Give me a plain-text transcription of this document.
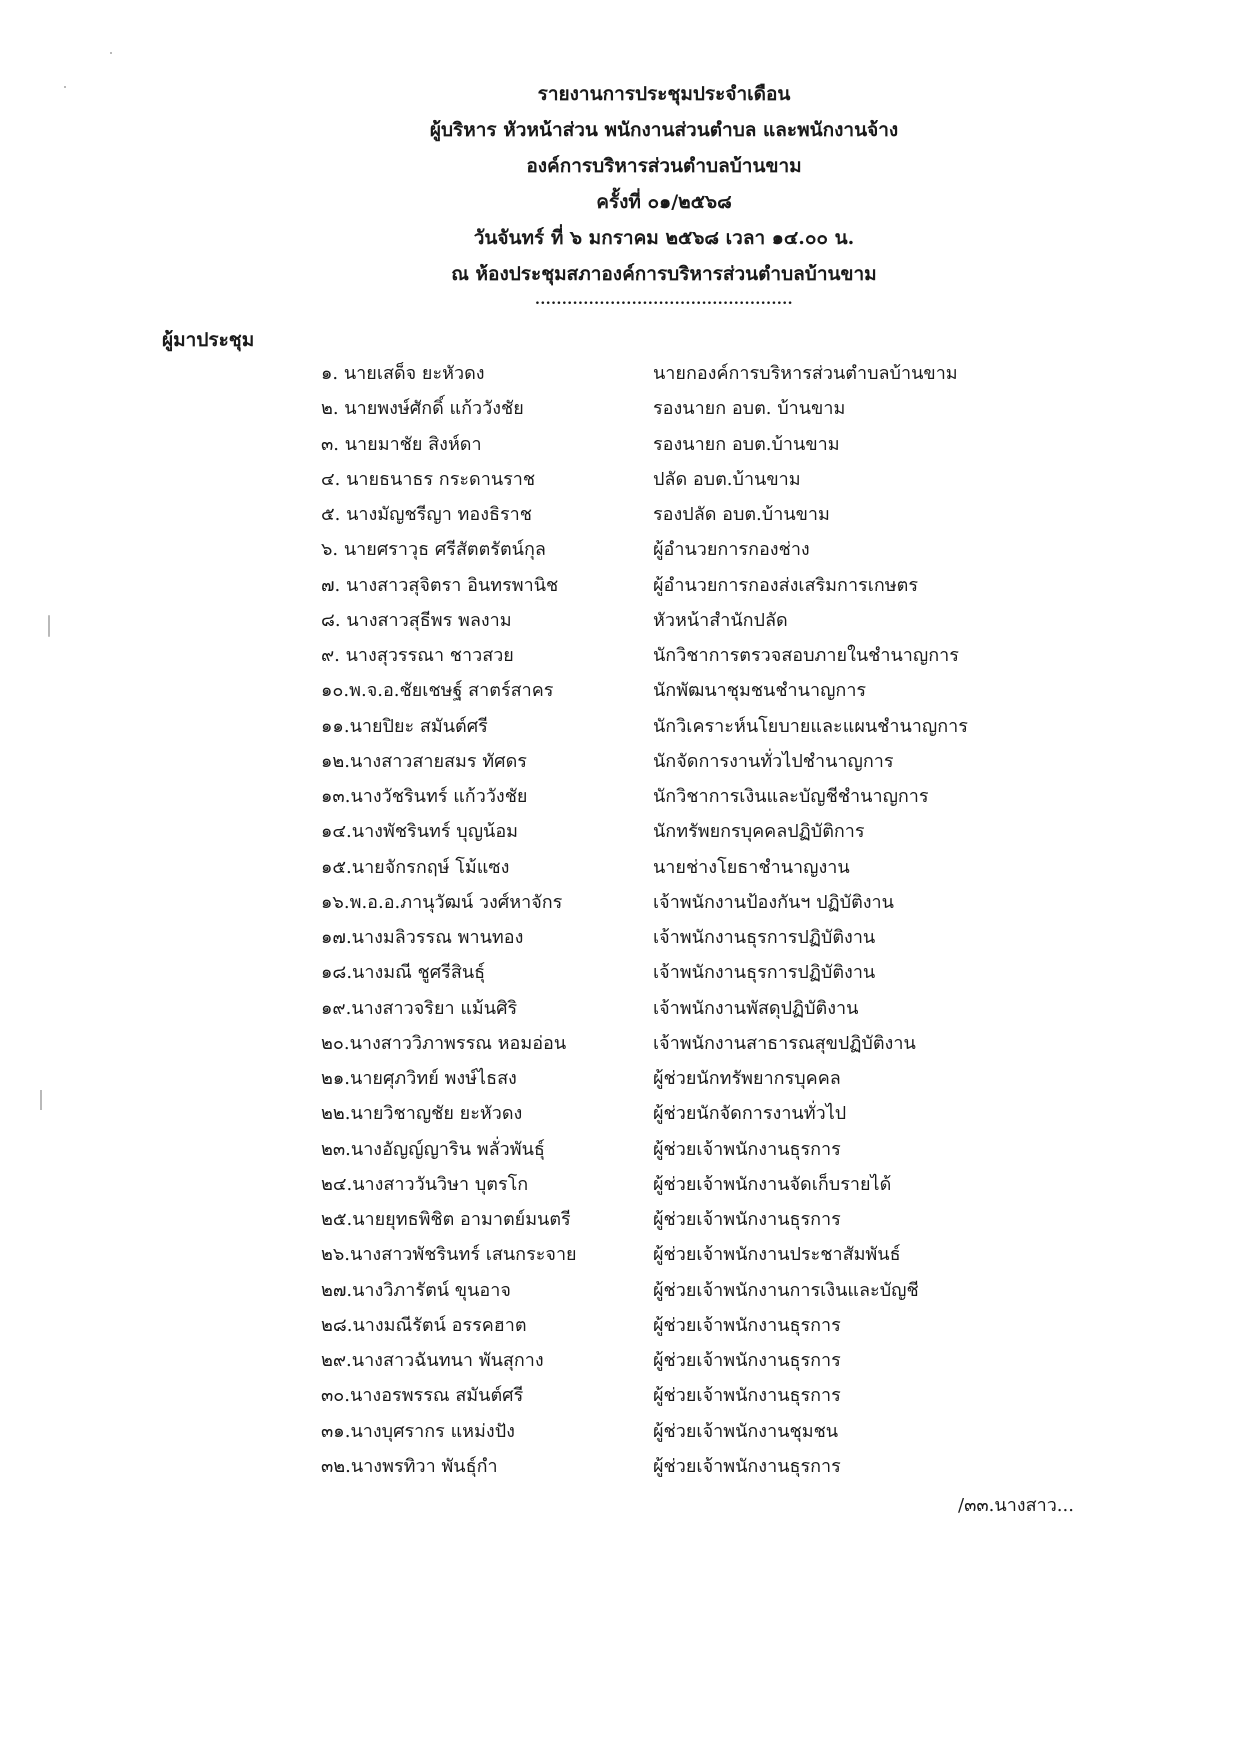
รายงานการประชุมประจำเดือน
ผู้บริหาร หัวหน้าส่วน พนักงานส่วนตำบล และพนักงานจ้าง
องค์การบริหารส่วนตำบลบ้านขาม
ครั้งที่ ๐๑/๒๕๖๘
วันจันทร์ ที่ ๖ มกราคม ๒๕๖๘ เวลา ๑๔.๐๐ น.
ณ ห้องประชุมสภาองค์การบริหารส่วนตำบลบ้านขาม
................................................
ผู้มาประชุม
๑. นายเสด็จ ยะหัวดง	นายกองค์การบริหารส่วนตำบลบ้านขาม
๒. นายพงษ์ศักดิ์ แก้ววังชัย	รองนายก อบต. บ้านขาม
๓. นายมาชัย สิงห์ดา	รองนายก อบต.บ้านขาม
๔. นายธนาธร กระดานราช	ปลัด อบต.บ้านขาม
๕. นางมัญชรีญา ทองธิราช	รองปลัด อบต.บ้านขาม
๖. นายศราวุธ ศรีสัตตรัตน์กุล	ผู้อำนวยการกองช่าง
๗. นางสาวสุจิตรา อินทรพานิช	ผู้อำนวยการกองส่งเสริมการเกษตร
๘. นางสาวสุธีพร พลงาม	หัวหน้าสำนักปลัด
๙. นางสุวรรณา ชาวสวย	นักวิชาการตรวจสอบภายในชำนาญการ
๑๐.พ.จ.อ.ชัยเชษฐ์ สาตร์สาคร	นักพัฒนาชุมชนชำนาญการ
๑๑.นายปิยะ สมันต์ศรี	นักวิเคราะห์นโยบายและแผนชำนาญการ
๑๒.นางสาวสายสมร ทัศดร	นักจัดการงานทั่วไปชำนาญการ
๑๓.นางวัชรินทร์ แก้ววังชัย	นักวิชาการเงินและบัญชีชำนาญการ
๑๔.นางพัชรินทร์ บุญน้อม	นักทรัพยกรบุคคลปฏิบัติการ
๑๕.นายจักรกฤษ์ โม้แซง	นายช่างโยธาชำนาญงาน
๑๖.พ.อ.อ.ภานุวัฒน์ วงศ์หาจักร	เจ้าพนักงานป้องกันฯ ปฏิบัติงาน
๑๗.นางมลิวรรณ พานทอง	เจ้าพนักงานธุรการปฏิบัติงาน
๑๘.นางมณี ชูศรีสินธุ์	เจ้าพนักงานธุรการปฏิบัติงาน
๑๙.นางสาวจริยา แม้นศิริ	เจ้าพนักงานพัสดุปฏิบัติงาน
๒๐.นางสาววิภาพรรณ หอมอ่อน	เจ้าพนักงานสาธารณสุขปฏิบัติงาน
๒๑.นายศุภวิทย์ พงษ์ไธสง	ผู้ช่วยนักทรัพยากรบุคคล
๒๒.นายวิชาญชัย ยะหัวดง	ผู้ช่วยนักจัดการงานทั่วไป
๒๓.นางอัญญ์ญาริน พลั่วพันธุ์	ผู้ช่วยเจ้าพนักงานธุรการ
๒๔.นางสาววันวิษา บุตรโก	ผู้ช่วยเจ้าพนักงานจัดเก็บรายได้
๒๕.นายยุทธพิชิต อามาตย์มนตรี	ผู้ช่วยเจ้าพนักงานธุรการ
๒๖.นางสาวพัชรินทร์ เสนกระจาย	ผู้ช่วยเจ้าพนักงานประชาสัมพันธ์
๒๗.นางวิภารัตน์ ขุนอาจ	ผู้ช่วยเจ้าพนักงานการเงินและบัญชี
๒๘.นางมณีรัตน์ อรรคฮาต	ผู้ช่วยเจ้าพนักงานธุรการ
๒๙.นางสาวฉันทนา พันสุกาง	ผู้ช่วยเจ้าพนักงานธุรการ
๓๐.นางอรพรรณ สมันต์ศรี	ผู้ช่วยเจ้าพนักงานธุรการ
๓๑.นางบุศรากร แหม่งปัง	ผู้ช่วยเจ้าพนักงานชุมชน
๓๒.นางพรทิวา พันธุ์กำ	ผู้ช่วยเจ้าพนักงานธุรการ
/๓๓.นางสาว...
